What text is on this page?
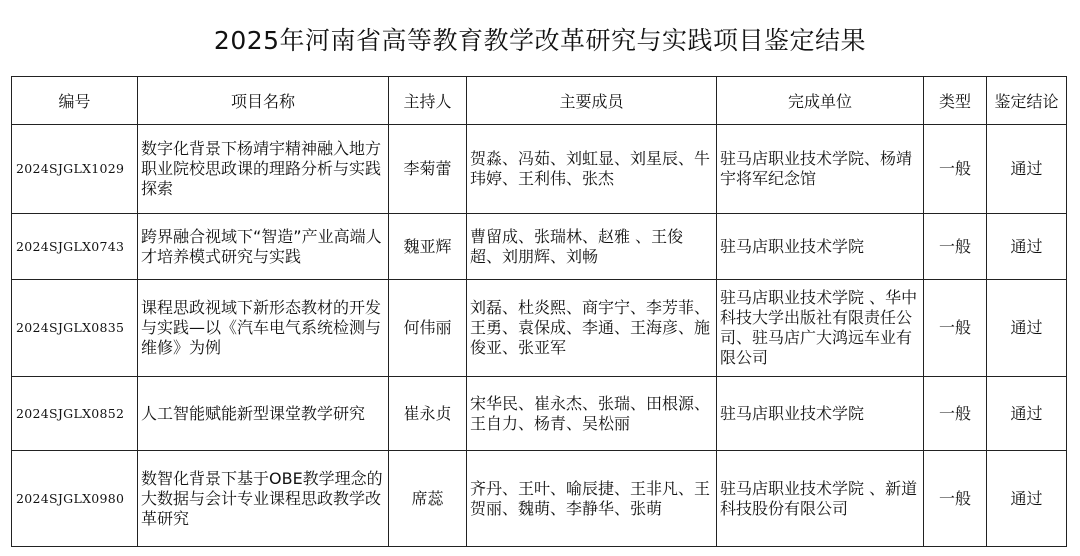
2025年河南省高等教育教学改革研究与实践项目鉴定结果
编号	项目名称	主持人	主要成员	完成单位	类型	鉴定结论
2024SJGLX1029	数字化背景下杨靖宇精神融入地方职业院校思政课的理路分析与实践探索	李菊蕾	贺淼、冯茹、刘虹显、刘星辰、牛玮婷、王利伟、张杰	驻马店职业技术学院、杨靖宇将军纪念馆	一般	通过
2024SJGLX0743	跨界融合视域下“智造”产业高端人才培养模式研究与实践	魏亚辉	曹留成、张瑞林、赵雅 、王俊超、刘朋辉、刘畅	驻马店职业技术学院	一般	通过
2024SJGLX0835	课程思政视域下新形态教材的开发与实践—以《汽车电气系统检测与维修》为例	何伟丽	刘磊、杜炎熙、商宇宁、李芳菲、王勇、袁保成、李通、王海彦、施俊亚、张亚军	驻马店职业技术学院 、华中科技大学出版社有限责任公司、驻马店广大鸿远车业有限公司	一般	通过
2024SJGLX0852	人工智能赋能新型课堂教学研究	崔永贞	宋华民、崔永杰、张瑞、田根源、王自力、杨青、吴松丽	驻马店职业技术学院	一般	通过
2024SJGLX0980	数智化背景下基于OBE教学理念的大数据与会计专业课程思政教学改革研究	席蕊	齐丹、王叶、喻辰捷、王非凡、王贺丽、魏萌、李静华、张萌	驻马店职业技术学院 、新道科技股份有限公司	一般	通过
